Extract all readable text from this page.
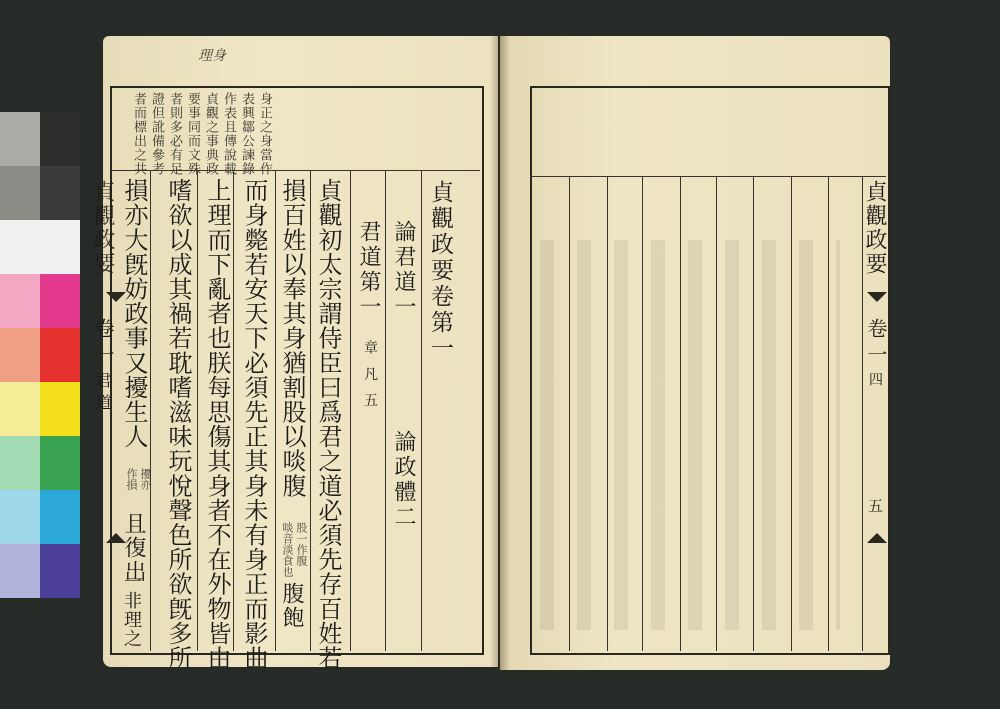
理身
身正之身當作
表興鄒公諫錄
作表且傳說載
貞觀之事典政
要事同而文殊
者則多必有足
證但訛備參考
者而標出之共
貞觀政要卷第一
論君道一
君道第一
章 凡 五
論政體二
貞觀初太宗謂侍臣曰爲君之道必須先存百姓若
損百姓以奉其身猶割股以啖腹
股一作腹
啖音淡食也
腹飽
而身斃若安天下必須先正其身未有身正而影曲
上理而下亂者也朕每思傷其身者不在外物皆由
嗜欲以成其禍若耽嗜滋味玩悅聲色所欲旣多所
損亦大旣妨政事又擾生人
擾亦
作損
且復出
一非理之
貞觀政要
卷一
君道
貞觀政要
卷一
四
五
